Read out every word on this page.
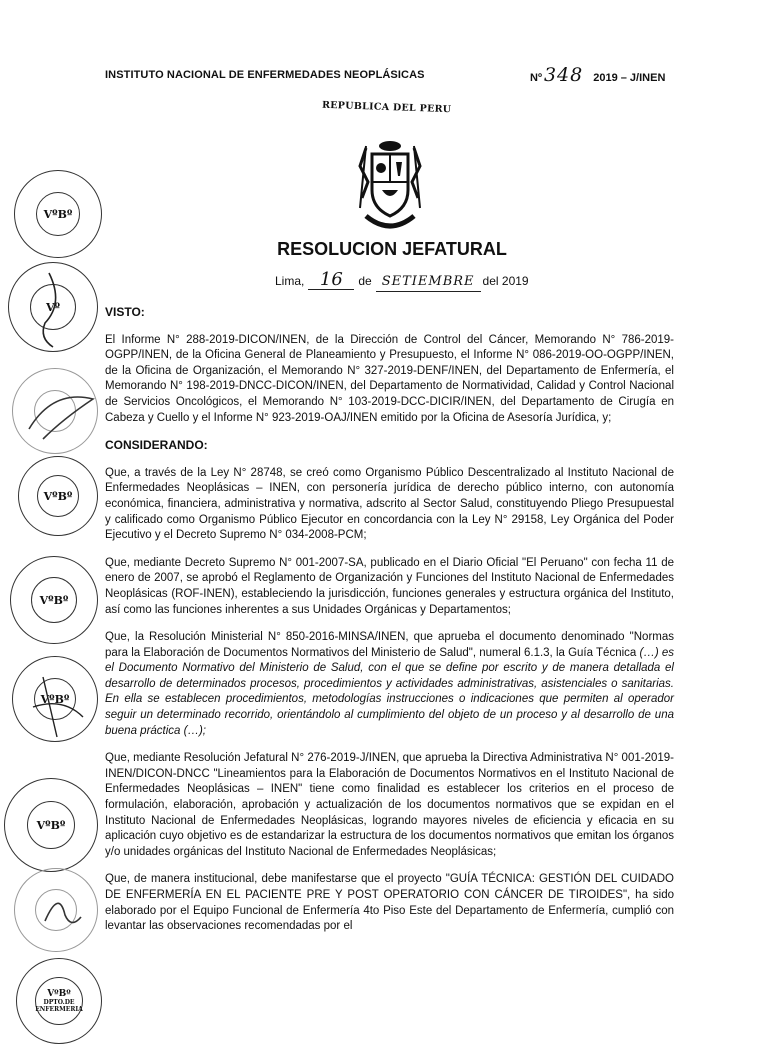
INSTITUTO NACIONAL DE ENFERMEDADES NEOPLÁSICAS	Nº 348 2019 – J/INEN
REPUBLICA DEL PERU
RESOLUCION JEFATURAL
Lima, 16	de SETIEMBRE del 2019
VISTO:

El Informe N° 288-2019-DICON/INEN, de la Dirección de Control del Cáncer, Memorando N° 786-2019-OGPP/INEN, de la Oficina General de Planeamiento y Presupuesto, el Informe N° 086-2019-OO-OGPP/INEN, de la Oficina de Organización, el Memorando N° 327-2019-DENF/INEN, del Departamento de Enfermería, el Memorando N° 198-2019-DNCC-DICON/INEN, del Departamento de Normatividad, Calidad y Control Nacional de Servicios Oncológicos, el Memorando N° 103-2019-DCC-DICIR/INEN, del Departamento de Cirugía en Cabeza y Cuello y el Informe N° 923-2019-OAJ/INEN emitido por la Oficina de Asesoría Jurídica, y;

CONSIDERANDO:

Que, a través de la Ley N° 28748, se creó como Organismo Público Descentralizado al Instituto Nacional de Enfermedades Neoplásicas – INEN, con personería jurídica de derecho público interno, con autonomía económica, financiera, administrativa y normativa, adscrito al Sector Salud, constituyendo Pliego Presupuestal y calificado como Organismo Público Ejecutor en concordancia con la Ley N° 29158, Ley Orgánica del Poder Ejecutivo y el Decreto Supremo N° 034-2008-PCM;

Que, mediante Decreto Supremo N° 001-2007-SA, publicado en el Diario Oficial "El Peruano" con fecha 11 de enero de 2007, se aprobó el Reglamento de Organización y Funciones del Instituto Nacional de Enfermedades Neoplásicas (ROF-INEN), estableciendo la jurisdicción, funciones generales y estructura orgánica del Instituto, así como las funciones inherentes a sus Unidades Orgánicas y Departamentos;

Que, la Resolución Ministerial N° 850-2016-MINSA/INEN, que aprueba el documento denominado "Normas para la Elaboración de Documentos Normativos del Ministerio de Salud", numeral 6.1.3, la Guía Técnica (…) es el Documento Normativo del Ministerio de Salud, con el que se define por escrito y de manera detallada el desarrollo de determinados procesos, procedimientos y actividades administrativas, asistenciales o sanitarias. En ella se establecen procedimientos, metodologías instrucciones o indicaciones que permiten al operador seguir un determinado recorrido, orientándolo al cumplimiento del objeto de un proceso y al desarrollo de una buena práctica (…);

Que, mediante Resolución Jefatural N° 276-2019-J/INEN, que aprueba la Directiva Administrativa N° 001-2019-INEN/DICON-DNCC "Lineamientos para la Elaboración de Documentos Normativos en el Instituto Nacional de Enfermedades Neoplásicas – INEN" tiene como finalidad es establecer los criterios en el proceso de formulación, elaboración, aprobación y actualización de los documentos normativos que se expidan en el Instituto Nacional de Enfermedades Neoplásicas, logrando mayores niveles de eficiencia y eficacia en su aplicación cuyo objetivo es de estandarizar la estructura de los documentos normativos que emitan los órganos y/o unidades orgánicas del Instituto Nacional de Enfermedades Neoplásicas;

Que, de manera institucional, debe manifestarse que el proyecto "GUÍA TÉCNICA: GESTIÓN DEL CUIDADO DE ENFERMERÍA EN EL PACIENTE PRE Y POST OPERATORIO CON CÁNCER DE TIROIDES", ha sido elaborado por el Equipo Funcional de Enfermería 4to Piso Este del Departamento de Enfermería, cumplió con levantar las observaciones recomendadas por el

VºBº
Vº
VºBº
VºBº
VºBº
VºBº
VºBº
DPTO.DE ENFERMERIA
